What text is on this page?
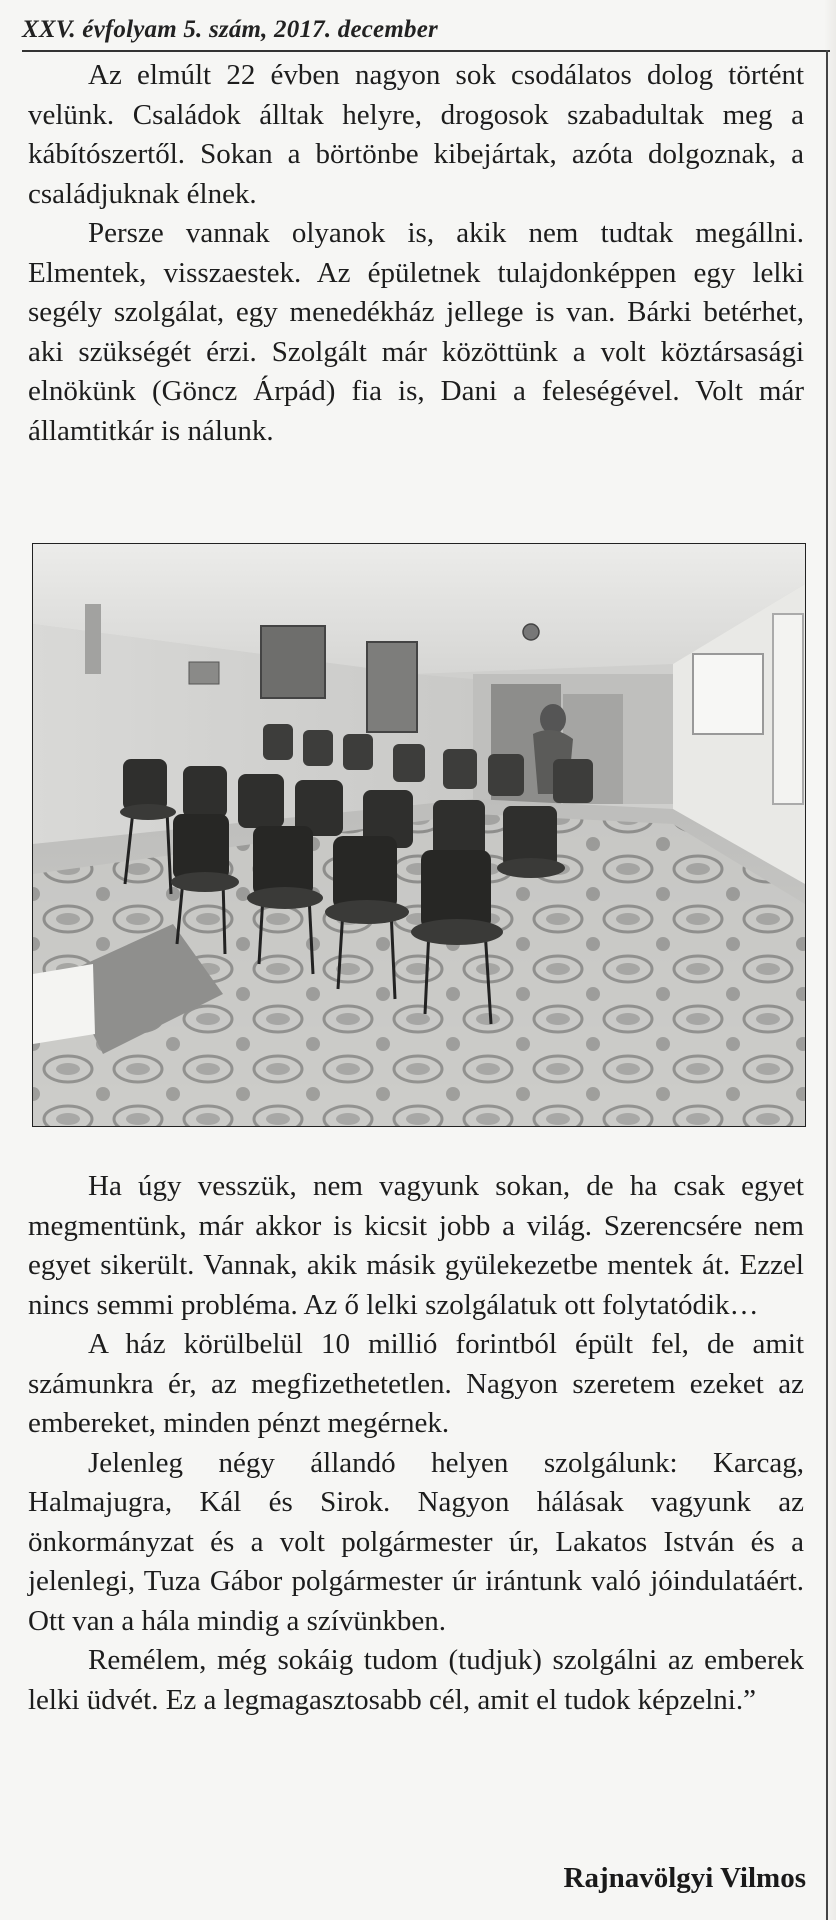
XXV. évfolyam 5. szám, 2017. december

Az elmúlt 22 évben nagyon sok csodálatos dolog történt velünk. Családok álltak helyre, drogosok szabadultak meg a kábítószertől. Sokan a börtönbe kibejártak, azóta dolgoznak, a családjuknak élnek.

Persze vannak olyanok is, akik nem tudtak megállni. Elmentek, visszaestek. Az épületnek tulajdonképpen egy lelki segély szolgálat, egy menedékház jellege is van. Bárki betérhet, aki szükségét érzi. Szolgált már közöttünk a volt köztársasági elnökünk (Göncz Árpád) fia is, Dani a feleségével. Volt már államtitkár is nálunk.

Ha úgy vesszük, nem vagyunk sokan, de ha csak egyet megmentünk, már akkor is kicsit jobb a világ. Szerencsére nem egyet sikerült. Vannak, akik másik gyülekezetbe mentek át. Ezzel nincs semmi probléma. Az ő lelki szolgálatuk ott folytatódik…

A ház körülbelül 10 millió forintból épült fel, de amit számunkra ér, az megfizethetetlen. Nagyon szeretem ezeket az embereket, minden pénzt megérnek.

Jelenleg négy állandó helyen szolgálunk: Karcag, Halmajugra, Kál és Sirok. Nagyon hálásak vagyunk az önkormányzat és a volt polgármester úr, Lakatos István és a jelenlegi, Tuza Gábor polgármester úr irántunk való jóindulatáért. Ott van a hála mindig a szívünkben.

Remélem, még sokáig tudom (tudjuk) szolgálni az emberek lelki üdvét. Ez a legmagasztosabb cél, amit el tudok képzelni.”

Rajnavölgyi Vilmos
